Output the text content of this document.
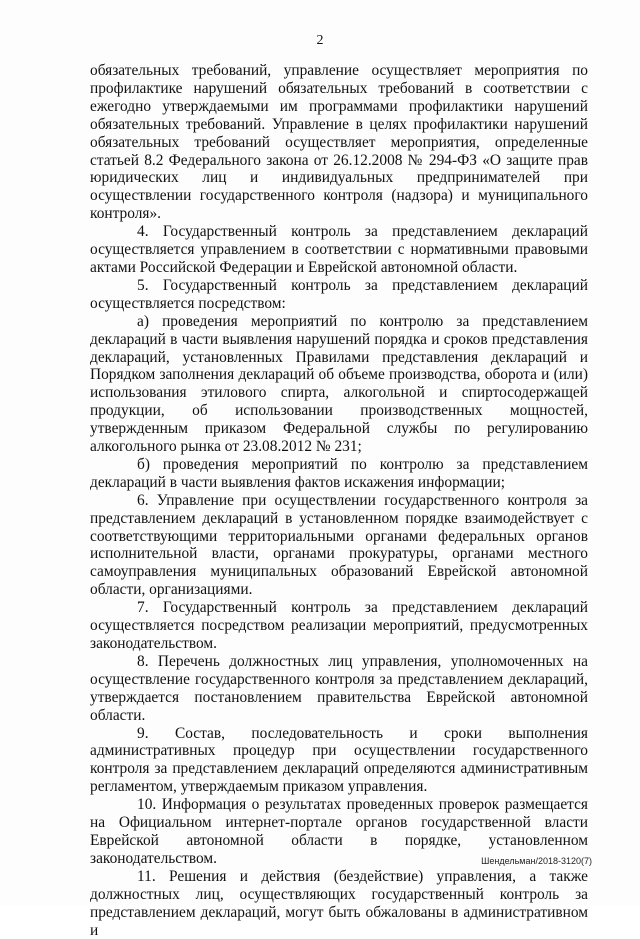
2

обязательных требований, управление осуществляет мероприятия по профилактике нарушений обязательных требований в соответствии с ежегодно утверждаемыми им программами профилактики нарушений обязательных требований. Управление в целях профилактики нарушений обязательных требований осуществляет мероприятия, определенные статьей 8.2 Федерального закона от 26.12.2008 № 294-ФЗ «О защите прав юридических лиц и индивидуальных предпринимателей при осуществлении государственного контроля (надзора) и муниципального контроля».

4. Государственный контроль за представлением деклараций осуществляется управлением в соответствии с нормативными правовыми актами Российской Федерации и Еврейской автономной области.

5. Государственный контроль за представлением деклараций осуществляется посредством:

а) проведения мероприятий по контролю за представлением деклараций в части выявления нарушений порядка и сроков представления деклараций, установленных Правилами представления деклараций и Порядком заполнения деклараций об объеме производства, оборота и (или) использования этилового спирта, алкогольной и спиртосодержащей продукции, об использовании производственных мощностей, утвержденным приказом Федеральной службы по регулированию алкогольного рынка от 23.08.2012 № 231;

б) проведения мероприятий по контролю за представлением деклараций в части выявления фактов искажения информации;

6. Управление при осуществлении государственного контроля за представлением деклараций в установленном порядке взаимодействует с соответствующими территориальными органами федеральных органов исполнительной власти, органами прокуратуры, органами местного самоуправления муниципальных образований Еврейской автономной области, организациями.

7. Государственный контроль за представлением деклараций осуществляется посредством реализации мероприятий, предусмотренных законодательством.

8. Перечень должностных лиц управления, уполномоченных на осуществление государственного контроля за представлением деклараций, утверждается постановлением правительства Еврейской автономной области.

9. Состав, последовательность и сроки выполнения административных процедур при осуществлении государственного контроля за представлением деклараций определяются административным регламентом, утверждаемым приказом управления.

10. Информация о результатах проведенных проверок размещается на Официальном интернет-портале органов государственной власти Еврейской автономной области в порядке, установленном законодательством.

11. Решения и действия (бездействие) управления, а также должностных лиц, осуществляющих государственный контроль за представлением деклараций, могут быть обжалованы в административном и

Шендельман/2018-3120(7)
